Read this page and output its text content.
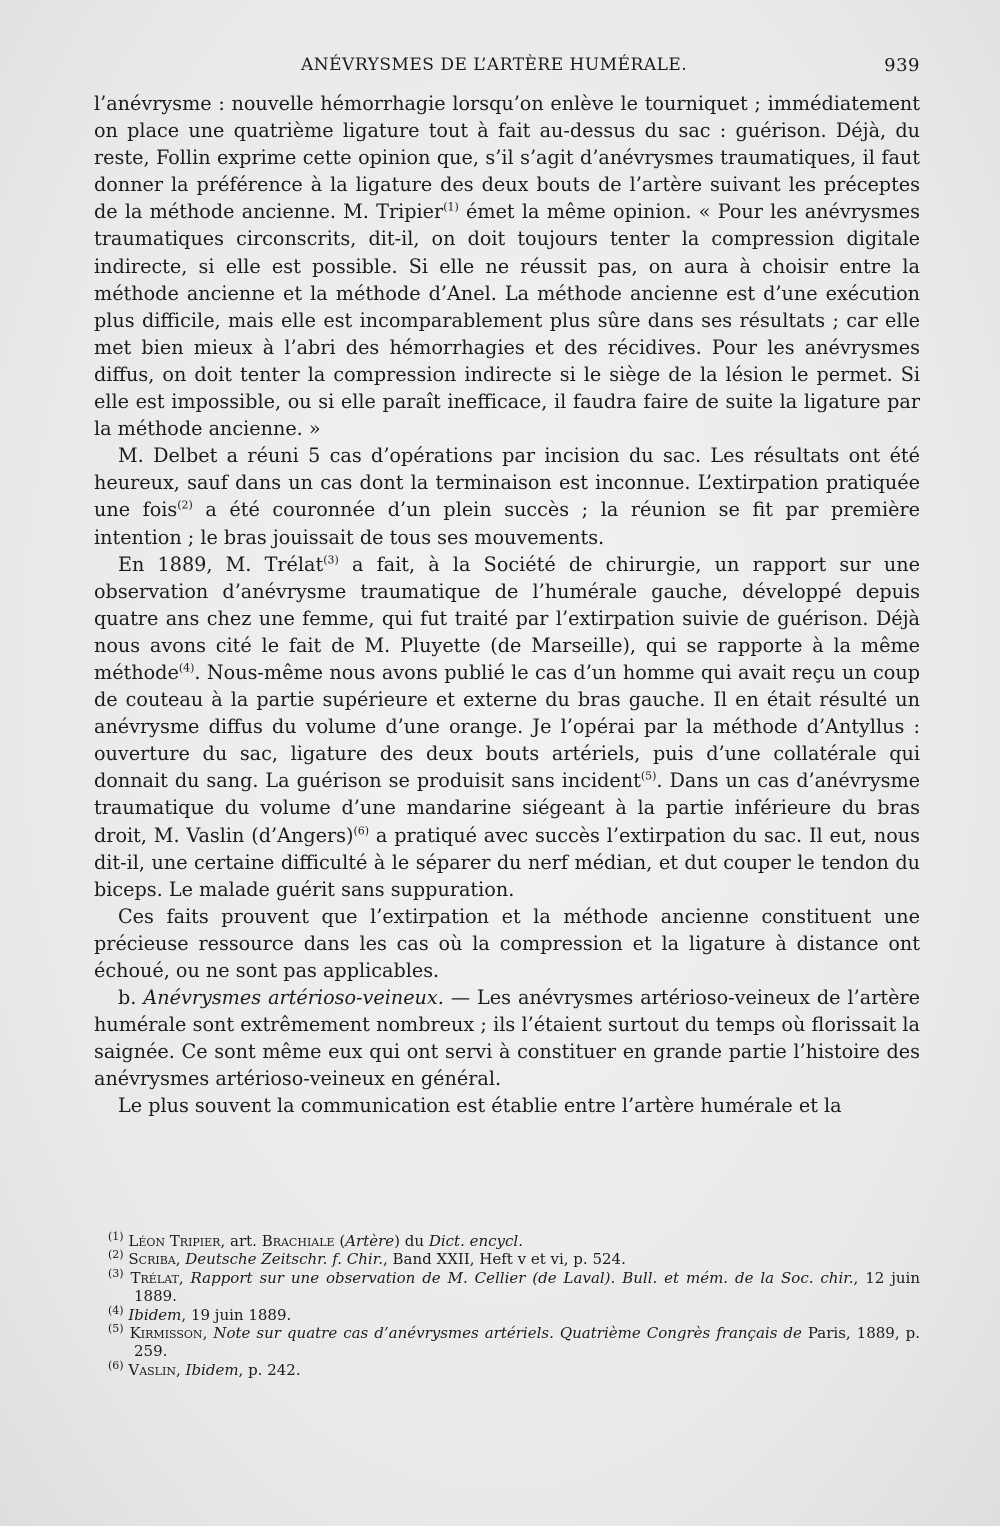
ANÉVRYSMES DE L’ARTÈRE HUMÉRALE.	939

l’anévrysme : nouvelle hémorrhagie lorsqu’on enlève le tourniquet ; immédiatement on place une quatrième ligature tout à fait au-dessus du sac : guérison. Déjà, du reste, Follin exprime cette opinion que, s’il s’agit d’anévrysmes traumatiques, il faut donner la préférence à la ligature des deux bouts de l’artère suivant les préceptes de la méthode ancienne. M. Tripier$^{(1)}$ émet la même opinion. « Pour les anévrysmes traumatiques circonscrits, dit-il, on doit toujours tenter la compression digitale indirecte, si elle est possible. Si elle ne réussit pas, on aura à choisir entre la méthode ancienne et la méthode d’Anel. La méthode ancienne est d’une exécution plus difficile, mais elle est incomparablement plus sûre dans ses résultats ; car elle met bien mieux à l’abri des hémorrhagies et des récidives. Pour les anévrysmes diffus, on doit tenter la compression indirecte si le siège de la lésion le permet. Si elle est impossible, ou si elle paraît inefficace, il faudra faire de suite la ligature par la méthode ancienne. »

M. Delbet a réuni 5 cas d’opérations par incision du sac. Les résultats ont été heureux, sauf dans un cas dont la terminaison est inconnue. L’extirpation pratiquée une fois$^{(2)}$ a été couronnée d’un plein succès ; la réunion se fit par première intention ; le bras jouissait de tous ses mouvements.

En 1889, M. Trélat$^{(3)}$ a fait, à la Société de chirurgie, un rapport sur une observation d’anévrysme traumatique de l’humérale gauche, développé depuis quatre ans chez une femme, qui fut traité par l’extirpation suivie de guérison. Déjà nous avons cité le fait de M. Pluyette (de Marseille), qui se rapporte à la même méthode$^{(4)}$. Nous-même nous avons publié le cas d’un homme qui avait reçu un coup de couteau à la partie supérieure et externe du bras gauche. Il en était résulté un anévrysme diffus du volume d’une orange. Je l’opérai par la méthode d’Antyllus : ouverture du sac, ligature des deux bouts artériels, puis d’une collatérale qui donnait du sang. La guérison se produisit sans incident$^{(5)}$. Dans un cas d’anévrysme traumatique du volume d’une mandarine siégeant à la partie inférieure du bras droit, M. Vaslin (d’Angers)$^{(6)}$ a pratiqué avec succès l’extirpation du sac. Il eut, nous dit-il, une certaine difficulté à le séparer du nerf médian, et dut couper le tendon du biceps. Le malade guérit sans suppuration.

Ces faits prouvent que l’extirpation et la méthode ancienne constituent une précieuse ressource dans les cas où la compression et la ligature à distance ont échoué, ou ne sont pas applicables.

b. Anévrysmes artérioso-veineux. — Les anévrysmes artérioso-veineux de l’artère humérale sont extrêmement nombreux ; ils l’étaient surtout du temps où florissait la saignée. Ce sont même eux qui ont servi à constituer en grande partie l’histoire des anévrysmes artérioso-veineux en général.

Le plus souvent la communication est établie entre l’artère humérale et la

$^{(1)}$ Léon Tripier, art. Brachiale (Artère) du Dict. encycl.

$^{(2)}$ Scriba, Deutsche Zeitschr. f. Chir., Band XXII, Heft v et vi, p. 524.

$^{(3)}$ Trélat, Rapport sur une observation de M. Cellier (de Laval). Bull. et mém. de la Soc. chir., 12 juin 1889.

$^{(4)}$ Ibidem, 19 juin 1889.

$^{(5)}$ Kirmisson, Note sur quatre cas d’anévrysmes artériels. Quatrième Congrès français de Paris, 1889, p. 259.

$^{(6)}$ Vaslin, Ibidem, p. 242.
